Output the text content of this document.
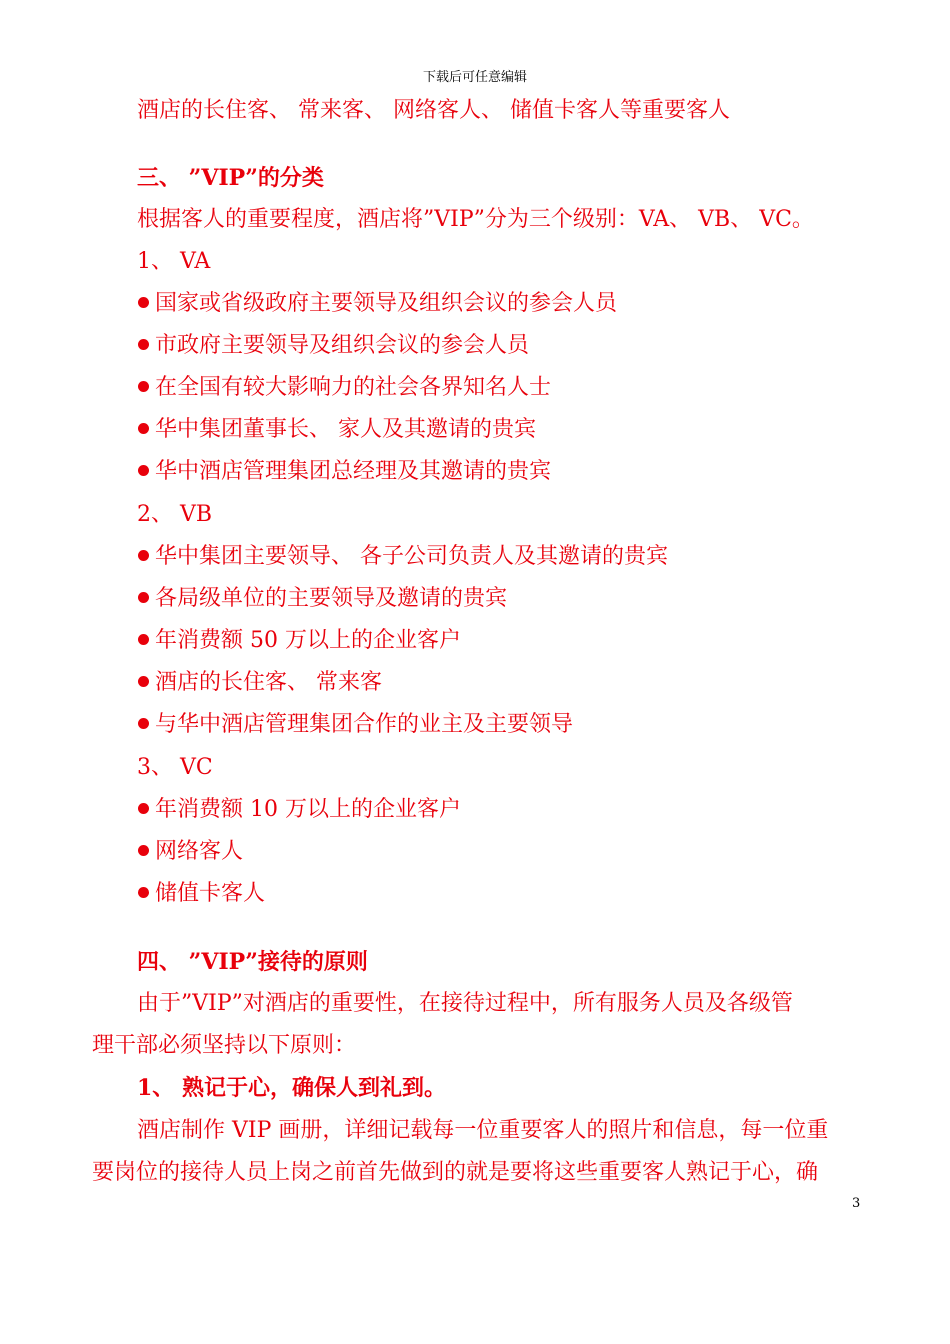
下载后可任意编辑
酒店的长住客、 常来客、 网络客人、 储值卡客人等重要客人
三、 ”VIP”的分类
根据客人的重要程度，酒店将”VIP”分为三个级别：VA、 VB、 VC。
1、 VA
国家或省级政府主要领导及组织会议的参会人员
市政府主要领导及组织会议的参会人员
在全国有较大影响力的社会各界知名人士
华中集团董事长、 家人及其邀请的贵宾
华中酒店管理集团总经理及其邀请的贵宾
2、 VB
华中集团主要领导、 各子公司负责人及其邀请的贵宾
各局级单位的主要领导及邀请的贵宾
年消费额 50 万以上的企业客户
酒店的长住客、 常来客
与华中酒店管理集团合作的业主及主要领导
3、 VC
年消费额 10 万以上的企业客户
网络客人
储值卡客人
四、 ”VIP”接待的原则
由于”VIP”对酒店的重要性，在接待过程中，所有服务人员及各级管
理干部必须坚持以下原则：
1、 熟记于心，确保人到礼到。
酒店制作 VIP 画册，详细记载每一位重要客人的照片和信息，每一位重
要岗位的接待人员上岗之前首先做到的就是要将这些重要客人熟记于心，确
3
